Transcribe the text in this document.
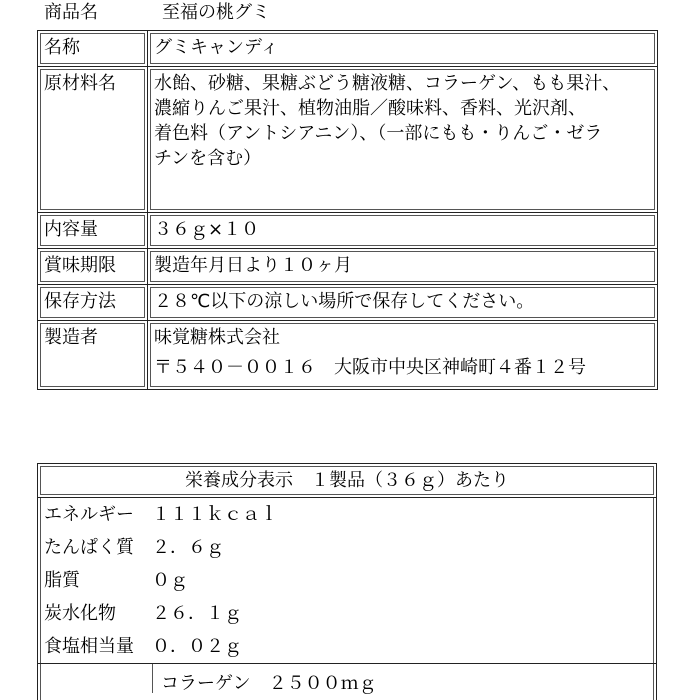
商品名	至福の桃グミ
名称	グミキャンディ
原材料名	水飴、砂糖、果糖ぶどう糖液糖、コラーゲン、もも果汁、
濃縮りんご果汁、植物油脂／酸味料、香料、光沢剤、
着色料（アントシアニン）、（一部にもも・りんご・ゼラ
チンを含む）

内容量	３６ｇ×１０
賞味期限	製造年月日より１０ヶ月
保存方法	２８℃以下の涼しい場所で保存してください。
製造者	味覚糖株式会社
〒５４０－００１６　大阪市中央区神崎町４番１２号
栄養成分表示　１製品（３６ｇ）あたり
エネルギー １１１ｋｃａｌ
たんぱく質 ２．６ｇ
脂質	０ｇ
炭水化物 ２６．１ｇ
食塩相当量 ０．０２ｇ
コラーゲン　２５００ｍｇ
